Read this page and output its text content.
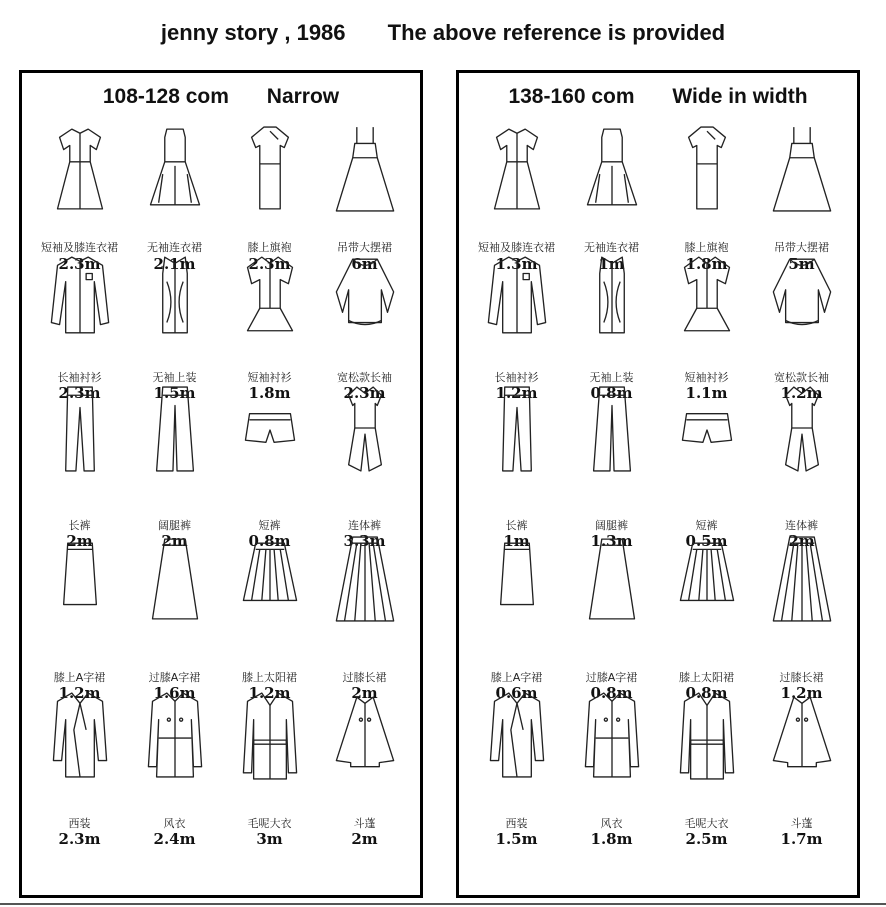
jenny story , 1986 The above reference is provided
108-128 com Narrow
短袖及膝连衣裙
2.3m
无袖连衣裙
2.1m
膝上旗袍
2.3m
吊带大摆裙
6m
长袖衬衫
2.3m
无袖上装
1.5m
短袖衬衫
1.8m
宽松款长袖
2.3m
长裤
2m
阔腿裤
2m
短裤
0.8m
连体裤
3.3m
膝上A字裙
1.2m
过膝A字裙
1.6m
膝上太阳裙
1.2m
过膝长裙
2m
西装
2.3m
风衣
2.4m
毛呢大衣
3m
斗蓬
2m
138-160 com Wide in width
短袖及膝连衣裙
1.3m
无袖连衣裙
1m
膝上旗袍
1.8m
吊带大摆裙
5m
长袖衬衫
1.2m
无袖上装
0.8m
短袖衬衫
1.1m
宽松款长袖
1.2m
长裤
1m
阔腿裤
1.3m
短裤
0.5m
连体裤
2m
膝上A字裙
0.6m
过膝A字裙
0.8m
膝上太阳裙
0.8m
过膝长裙
1.2m
西装
1.5m
风衣
1.8m
毛呢大衣
2.5m
斗蓬
1.7m
